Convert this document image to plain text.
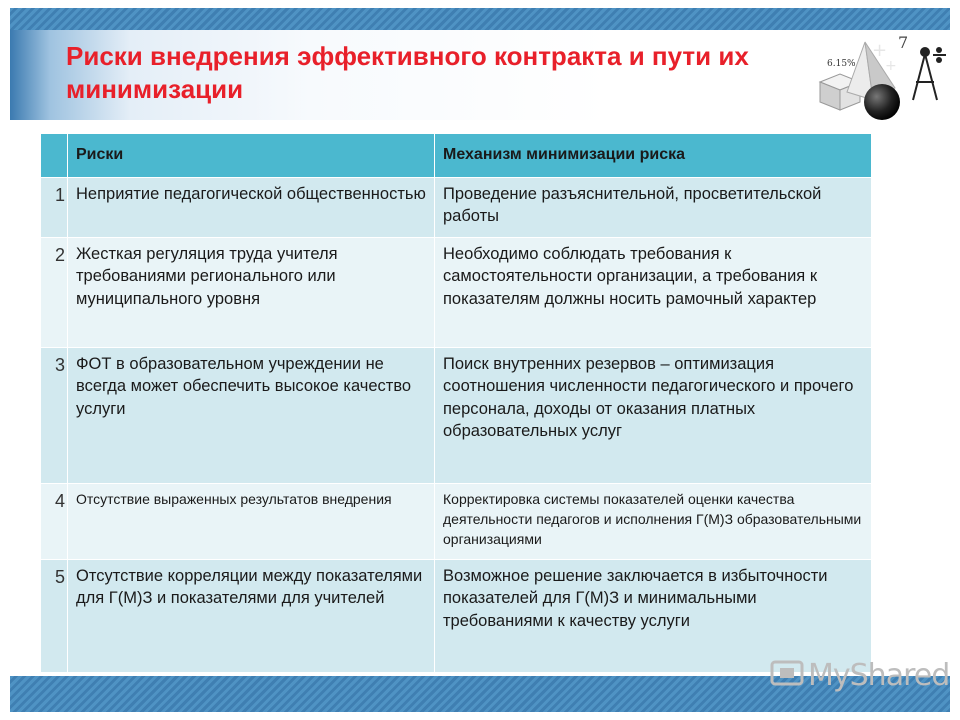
Риски внедрения эффективного контракта и пути их минимизации
+
+
6.15%
7
	Риски	Механизм минимизации риска
1	Неприятие педагогической общественностью	Проведение разъяснительной, просветительской работы
2	Жесткая регуляция труда учителя требованиями регионального или муниципального уровня	Необходимо соблюдать требования к самостоятельности организации, а требования к показателям должны носить рамочный характер
3	ФОТ в образовательном учреждении не всегда может обеспечить высокое качество услуги	Поиск внутренних резервов – оптимизация соотношения численности педагогического и прочего персонала, доходы от оказания платных образовательных услуг
4	Отсутствие выраженных результатов внедрения	Корректировка системы показателей оценки качества деятельности педагогов и исполнения Г(М)З образовательными организациями
5	Отсутствие корреляции между показателями для Г(М)З и показателями для учителей	Возможное решение заключается в избыточности показателей для Г(М)З и минимальными требованиями к качеству услуги
MyShared
